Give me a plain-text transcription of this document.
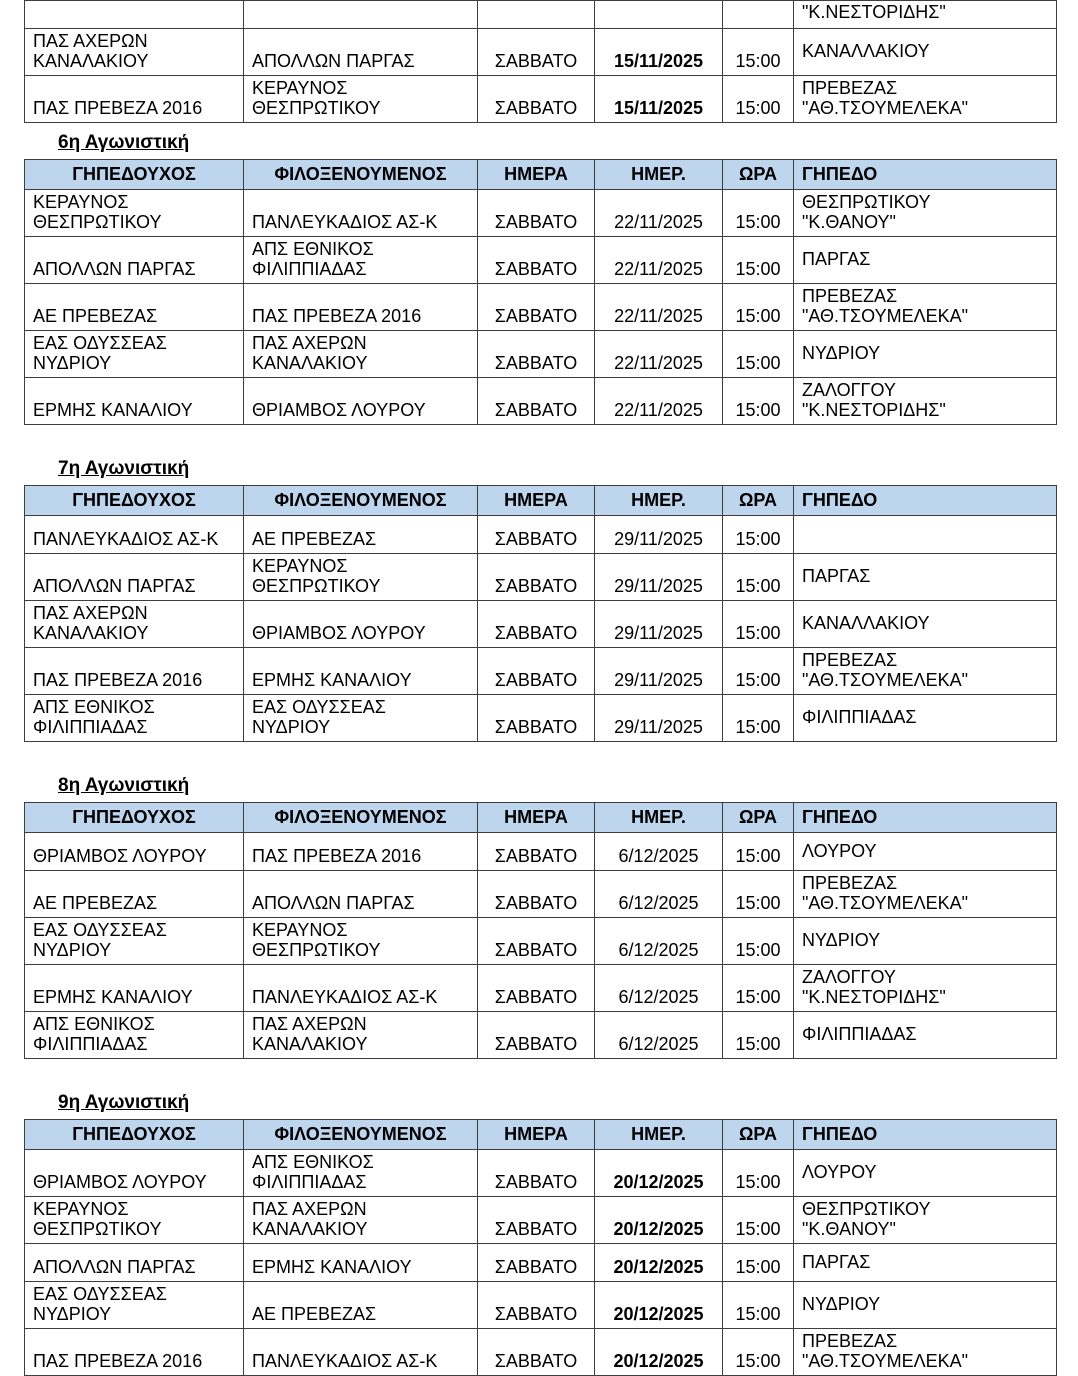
					"Κ.ΝΕΣΤΟΡΙΔΗΣ"
ΠΑΣ ΑΧΕΡΩΝ ΚΑΝΑΛΑΚΙΟΥ	ΑΠΟΛΛΩΝ ΠΑΡΓΑΣ	ΣΑΒΒΑΤΟ	15/11/2025	15:00	ΚΑΝΑΛΛΑΚΙΟΥ
ΠΑΣ ΠΡΕΒΕΖΑ 2016	ΚΕΡΑΥΝΟΣ ΘΕΣΠΡΩΤΙΚΟΥ	ΣΑΒΒΑΤΟ	15/11/2025	15:00	ΠΡΕΒΕΖΑΣ "ΑΘ.ΤΣΟΥΜΕΛΕΚΑ"
6η Αγωνιστική
ΓΗΠΕΔΟΥΧΟΣ	ΦΙΛΟΞΕΝΟΥΜΕΝΟΣ	ΗΜΕΡΑ	ΗΜΕΡ.	ΩΡΑ	ΓΗΠΕΔΟ
ΚΕΡΑΥΝΟΣ ΘΕΣΠΡΩΤΙΚΟΥ	ΠΑΝΛΕΥΚΑΔΙΟΣ ΑΣ-Κ	ΣΑΒΒΑΤΟ	22/11/2025	15:00	ΘΕΣΠΡΩΤΙΚΟΥ "Κ.ΘΑΝΟΥ"
ΑΠΟΛΛΩΝ ΠΑΡΓΑΣ	ΑΠΣ ΕΘΝΙΚΟΣ ΦΙΛΙΠΠΙΑΔΑΣ	ΣΑΒΒΑΤΟ	22/11/2025	15:00	ΠΑΡΓΑΣ
ΑΕ ΠΡΕΒΕΖΑΣ	ΠΑΣ ΠΡΕΒΕΖΑ 2016	ΣΑΒΒΑΤΟ	22/11/2025	15:00	ΠΡΕΒΕΖΑΣ "ΑΘ.ΤΣΟΥΜΕΛΕΚΑ"
ΕΑΣ ΟΔΥΣΣΕΑΣ ΝΥΔΡΙΟΥ	ΠΑΣ ΑΧΕΡΩΝ ΚΑΝΑΛΑΚΙΟΥ	ΣΑΒΒΑΤΟ	22/11/2025	15:00	ΝΥΔΡΙΟΥ
ΕΡΜΗΣ ΚΑΝΑΛΙΟΥ	ΘΡΙΑΜΒΟΣ ΛΟΥΡΟΥ	ΣΑΒΒΑΤΟ	22/11/2025	15:00	ΖΑΛΟΓΓΟΥ "Κ.ΝΕΣΤΟΡΙΔΗΣ"
7η Αγωνιστική
ΓΗΠΕΔΟΥΧΟΣ	ΦΙΛΟΞΕΝΟΥΜΕΝΟΣ	ΗΜΕΡΑ	ΗΜΕΡ.	ΩΡΑ	ΓΗΠΕΔΟ
ΠΑΝΛΕΥΚΑΔΙΟΣ ΑΣ-Κ	ΑΕ ΠΡΕΒΕΖΑΣ	ΣΑΒΒΑΤΟ	29/11/2025	15:00	
ΑΠΟΛΛΩΝ ΠΑΡΓΑΣ	ΚΕΡΑΥΝΟΣ ΘΕΣΠΡΩΤΙΚΟΥ	ΣΑΒΒΑΤΟ	29/11/2025	15:00	ΠΑΡΓΑΣ
ΠΑΣ ΑΧΕΡΩΝ ΚΑΝΑΛΑΚΙΟΥ	ΘΡΙΑΜΒΟΣ ΛΟΥΡΟΥ	ΣΑΒΒΑΤΟ	29/11/2025	15:00	ΚΑΝΑΛΛΑΚΙΟΥ
ΠΑΣ ΠΡΕΒΕΖΑ 2016	ΕΡΜΗΣ ΚΑΝΑΛΙΟΥ	ΣΑΒΒΑΤΟ	29/11/2025	15:00	ΠΡΕΒΕΖΑΣ "ΑΘ.ΤΣΟΥΜΕΛΕΚΑ"
ΑΠΣ ΕΘΝΙΚΟΣ ΦΙΛΙΠΠΙΑΔΑΣ	ΕΑΣ ΟΔΥΣΣΕΑΣ ΝΥΔΡΙΟΥ	ΣΑΒΒΑΤΟ	29/11/2025	15:00	ΦΙΛΙΠΠΙΑΔΑΣ
8η Αγωνιστική
ΓΗΠΕΔΟΥΧΟΣ	ΦΙΛΟΞΕΝΟΥΜΕΝΟΣ	ΗΜΕΡΑ	ΗΜΕΡ.	ΩΡΑ	ΓΗΠΕΔΟ
ΘΡΙΑΜΒΟΣ ΛΟΥΡΟΥ	ΠΑΣ ΠΡΕΒΕΖΑ 2016	ΣΑΒΒΑΤΟ	6/12/2025	15:00	ΛΟΥΡΟΥ
ΑΕ ΠΡΕΒΕΖΑΣ	ΑΠΟΛΛΩΝ ΠΑΡΓΑΣ	ΣΑΒΒΑΤΟ	6/12/2025	15:00	ΠΡΕΒΕΖΑΣ "ΑΘ.ΤΣΟΥΜΕΛΕΚΑ"
ΕΑΣ ΟΔΥΣΣΕΑΣ ΝΥΔΡΙΟΥ	ΚΕΡΑΥΝΟΣ ΘΕΣΠΡΩΤΙΚΟΥ	ΣΑΒΒΑΤΟ	6/12/2025	15:00	ΝΥΔΡΙΟΥ
ΕΡΜΗΣ ΚΑΝΑΛΙΟΥ	ΠΑΝΛΕΥΚΑΔΙΟΣ ΑΣ-Κ	ΣΑΒΒΑΤΟ	6/12/2025	15:00	ΖΑΛΟΓΓΟΥ "Κ.ΝΕΣΤΟΡΙΔΗΣ"
ΑΠΣ ΕΘΝΙΚΟΣ ΦΙΛΙΠΠΙΑΔΑΣ	ΠΑΣ ΑΧΕΡΩΝ ΚΑΝΑΛΑΚΙΟΥ	ΣΑΒΒΑΤΟ	6/12/2025	15:00	ΦΙΛΙΠΠΙΑΔΑΣ
9η Αγωνιστική
ΓΗΠΕΔΟΥΧΟΣ	ΦΙΛΟΞΕΝΟΥΜΕΝΟΣ	ΗΜΕΡΑ	ΗΜΕΡ.	ΩΡΑ	ΓΗΠΕΔΟ
ΘΡΙΑΜΒΟΣ ΛΟΥΡΟΥ	ΑΠΣ ΕΘΝΙΚΟΣ ΦΙΛΙΠΠΙΑΔΑΣ	ΣΑΒΒΑΤΟ	20/12/2025	15:00	ΛΟΥΡΟΥ
ΚΕΡΑΥΝΟΣ ΘΕΣΠΡΩΤΙΚΟΥ	ΠΑΣ ΑΧΕΡΩΝ ΚΑΝΑΛΑΚΙΟΥ	ΣΑΒΒΑΤΟ	20/12/2025	15:00	ΘΕΣΠΡΩΤΙΚΟΥ "Κ.ΘΑΝΟΥ"
ΑΠΟΛΛΩΝ ΠΑΡΓΑΣ	ΕΡΜΗΣ ΚΑΝΑΛΙΟΥ	ΣΑΒΒΑΤΟ	20/12/2025	15:00	ΠΑΡΓΑΣ
ΕΑΣ ΟΔΥΣΣΕΑΣ ΝΥΔΡΙΟΥ	ΑΕ ΠΡΕΒΕΖΑΣ	ΣΑΒΒΑΤΟ	20/12/2025	15:00	ΝΥΔΡΙΟΥ
ΠΑΣ ΠΡΕΒΕΖΑ 2016	ΠΑΝΛΕΥΚΑΔΙΟΣ ΑΣ-Κ	ΣΑΒΒΑΤΟ	20/12/2025	15:00	ΠΡΕΒΕΖΑΣ "ΑΘ.ΤΣΟΥΜΕΛΕΚΑ"
